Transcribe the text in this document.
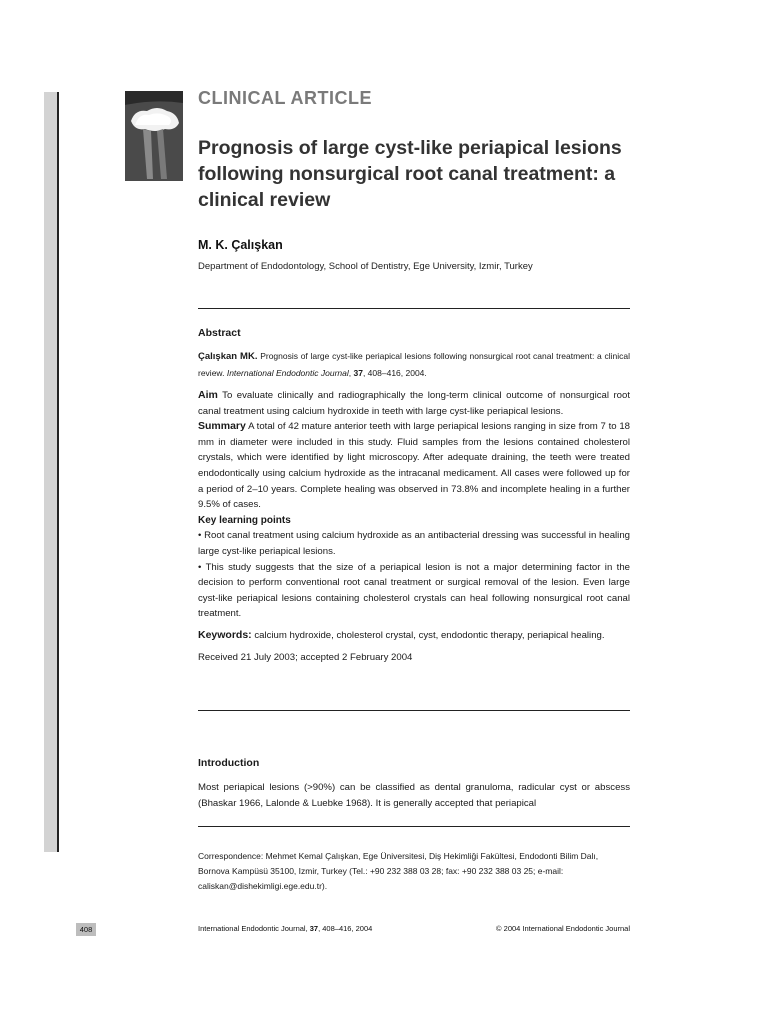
CLINICAL ARTICLE
Prognosis of large cyst-like periapical lesions following nonsurgical root canal treatment: a clinical review
M. K. Çalışkan
Department of Endodontology, School of Dentistry, Ege University, Izmir, Turkey
Abstract
Çalışkan MK. Prognosis of large cyst-like periapical lesions following nonsurgical root canal treatment: a clinical review. International Endodontic Journal, 37, 408–416, 2004.

Aim To evaluate clinically and radiographically the long-term clinical outcome of nonsurgical root canal treatment using calcium hydroxide in teeth with large cyst-like periapical lesions.

Summary A total of 42 mature anterior teeth with large periapical lesions ranging in size from 7 to 18 mm in diameter were included in this study. Fluid samples from the lesions contained cholesterol crystals, which were identified by light microscopy. After adequate draining, the teeth were treated endodontically using calcium hydroxide as the intracanal medicament. All cases were followed up for a period of 2–10 years. Complete healing was observed in 73.8% and incomplete healing in a further 9.5% of cases.

Key learning points

• Root canal treatment using calcium hydroxide as an antibacterial dressing was successful in healing large cyst-like periapical lesions.

• This study suggests that the size of a periapical lesion is not a major determining factor in the decision to perform conventional root canal treatment or surgical removal of the lesion. Even large cyst-like periapical lesions containing cholesterol crystals can heal following nonsurgical root canal treatment.

Keywords: calcium hydroxide, cholesterol crystal, cyst, endodontic therapy, periapical healing.

Received 21 July 2003; accepted 2 February 2004

Introduction

Most periapical lesions (>90%) can be classified as dental granuloma, radicular cyst or abscess (Bhaskar 1966, Lalonde & Luebke 1968). It is generally accepted that periapical

Correspondence: Mehmet Kemal Çalışkan, Ege Üniversitesi, Diş Hekimliği Fakültesi, Endodonti Bilim Dalı, Bornova Kampüsü 35100, Izmir, Turkey (Tel.: +90 232 388 03 28; fax: +90 232 388 03 25; e-mail: caliskan@dishekimligi.ege.edu.tr).

408	International Endodontic Journal, 37, 408–416, 2004	© 2004 International Endodontic Journal
